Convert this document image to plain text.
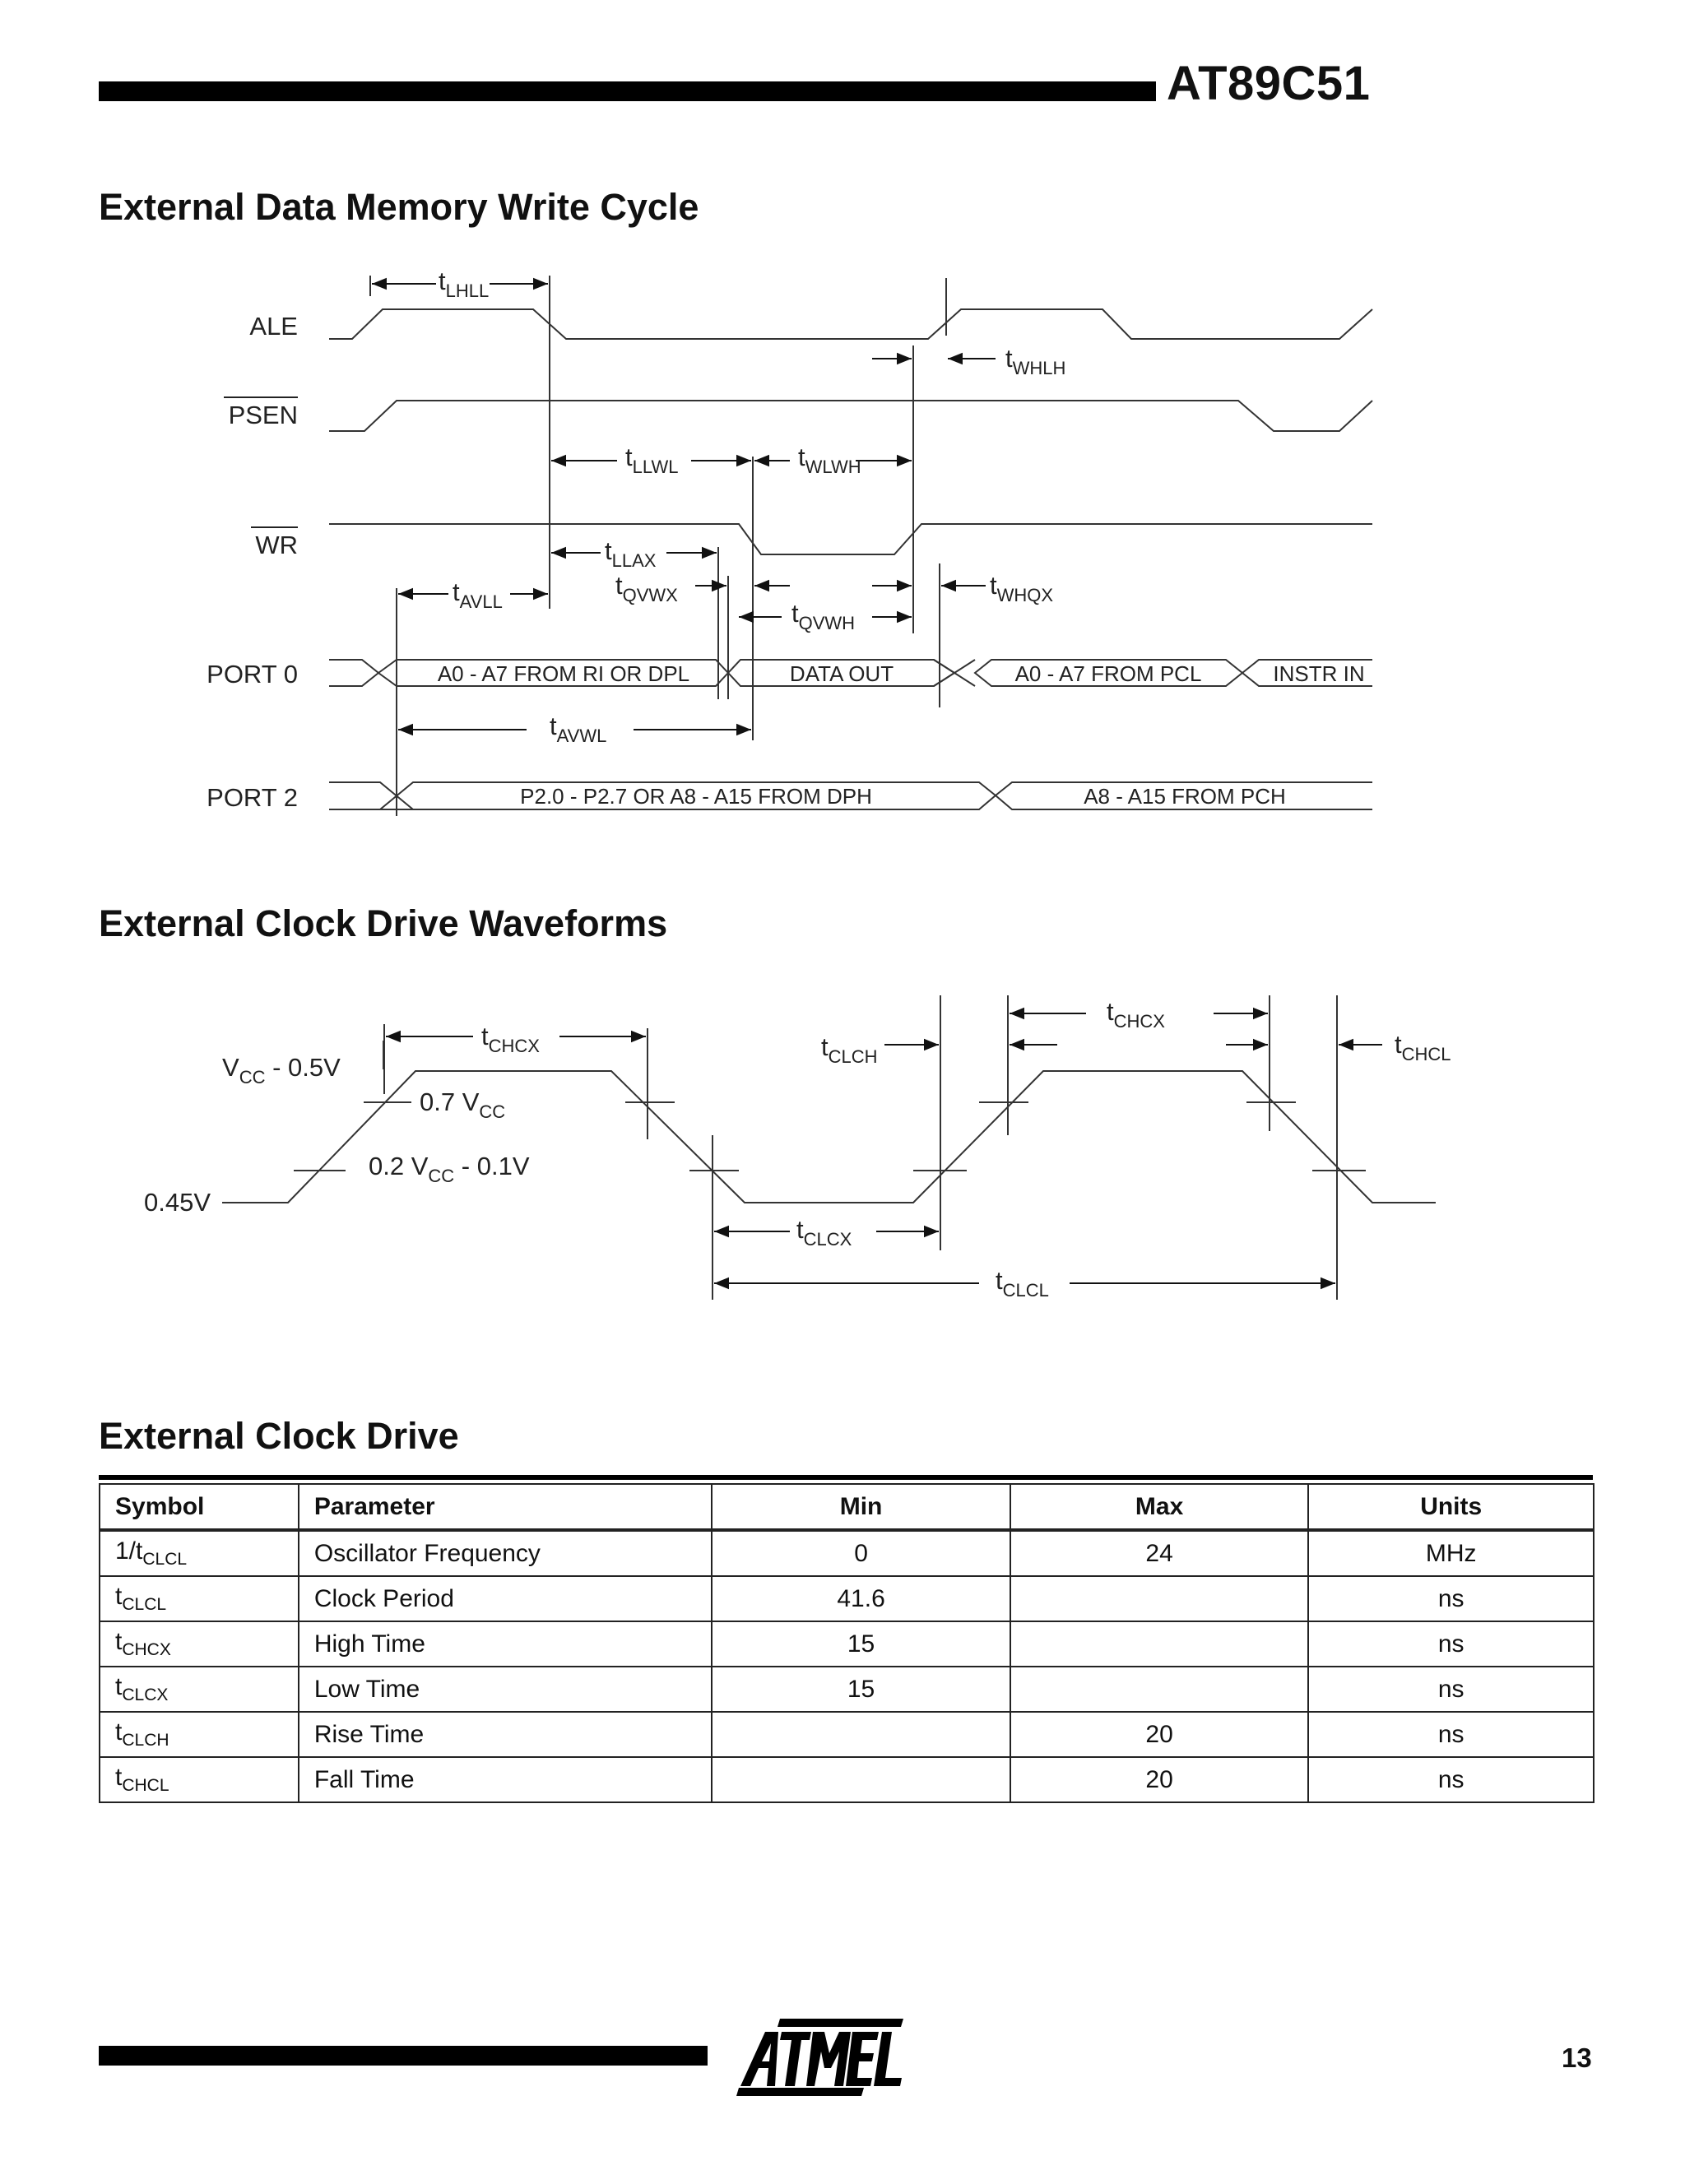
AT89C51
External Data Memory Write Cycle
ALE
PSEN
WR
PORT 0
PORT 2
A0 - A7 FROM RI OR DPL	DATA OUT	A0 - A7 FROM PCL	INSTR IN
P2.0 - P2.7 OR A8 - A15 FROM DPH	A8 - A15 FROM PCH
$t_{LHLL}$
$t_{WHLH}$
$t_{LLWL}$	$t_{WLWH}$
$t_{LLAX}$
$t_{AVLL}$
$t_{QVWX}$	$t_{WHQX}$
$t_{QVWH}$
$t_{AVWL}$
External Clock Drive Waveforms
$V_{CC} - 0.5V$
0.7 $V_{CC}$
0.2 $V_{CC} - 0.1V$
0.45V
$t_{CHCX}$	$t_{CLCH}$
$t_{CHCX}$
$t_{CHCL}$
$t_{CLCX}$
$t_{CLCL}$
External Clock Drive
Symbol	Parameter	Min	Max	Units
$1/t_{CLCL}$	Oscillator Frequency	0	24	MHz
$t_{CLCL}$	Clock Period	41.6		ns
$t_{CHCX}$	High Time	15		ns
$t_{CLCX}$	Low Time	15		ns
$t_{CLCH}$	Rise Time		20	ns
$t_{CHCL}$	Fall Time		20	ns
13
